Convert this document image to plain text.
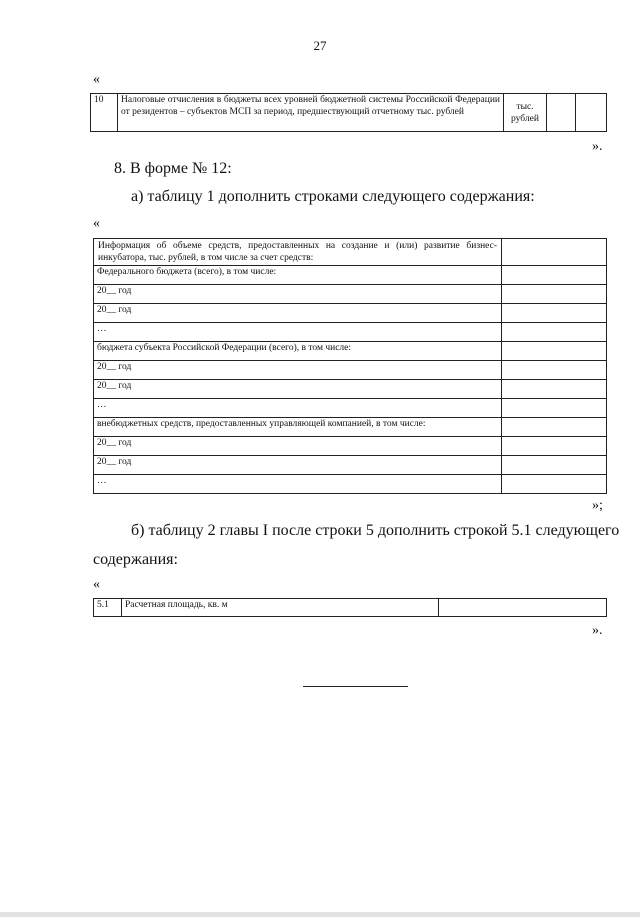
27
«
10	Налоговые отчисления в бюджеты всех уровней бюджетной системы Российской Федерации от резидентов – субъектов МСП за период, предшествующий отчетному тыс. рублей	тыс. рублей		
».
8. В форме № 12:
а) таблицу 1 дополнить строками следующего содержания:
«
Информация об объеме средств, предоставленных на создание и (или) развитие бизнес-инкубатора, тыс. рублей, в том числе за счет средств:	
Федерального бюджета (всего), в том числе:	
20__ год	
20__ год	
…	
бюджета субъекта Российской Федерации (всего), в том числе:	
20__ год	
20__ год	
…	
внебюджетных средств, предоставленных управляющей компанией, в том числе:	
20__ год	
20__ год	
…	
»;
б) таблицу 2 главы I после строки 5 дополнить строкой 5.1 следующего
содержания:
«
5.1	Расчетная площадь, кв. м	
».
